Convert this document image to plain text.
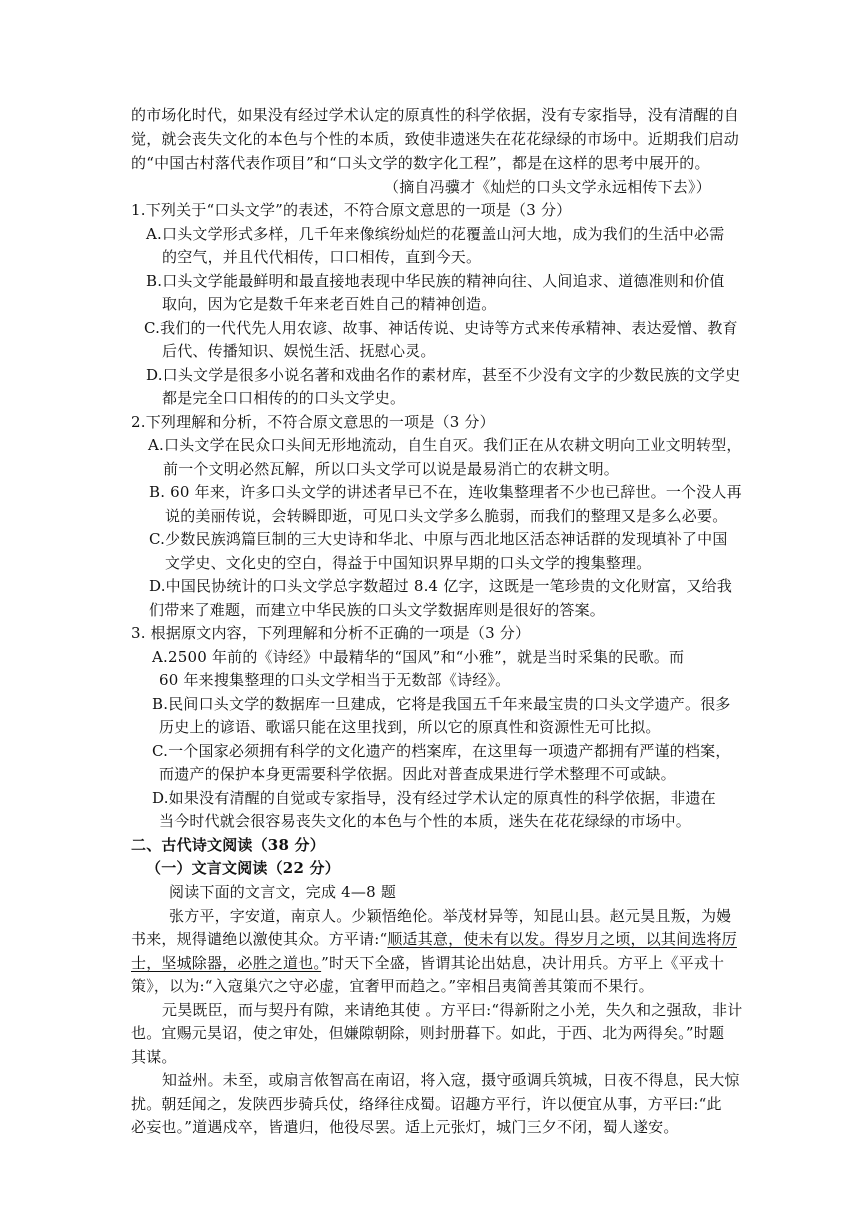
的市场化时代，如果没有经过学术认定的原真性的科学依据，没有专家指导，没有清醒的自

觉，就会丧失文化的本色与个性的本质，致使非遗迷失在花花绿绿的市场中。近期我们启动

的“中国古村落代表作项目”和“口头文学的数字化工程”，都是在这样的思考中展开的。

（摘自冯骥才《灿烂的口头文学永远相传下去》）

1.下列关于“口头文学”的表述，不符合原文意思的一项是（3 分）

A.口头文学形式多样，几千年来像缤纷灿烂的花覆盖山河大地，成为我们的生活中必需

的空气，并且代代相传，口口相传，直到今天。

B.口头文学能最鲜明和最直接地表现中华民族的精神向往、人间追求、道德准则和价值

取向，因为它是数千年来老百姓自己的精神创造。

C.我们的一代代先人用农谚、故事、神话传说、史诗等方式来传承精神、表达爱憎、教育

后代、传播知识、娱悦生活、抚慰心灵。

D.口头文学是很多小说名著和戏曲名作的素材库，甚至不少没有文字的少数民族的文学史

都是完全口口相传的的口头文学史。

2.下列理解和分析，不符合原文意思的一项是（3 分）

A.口头文学在民众口头间无形地流动，自生自灭。我们正在从农耕文明向工业文明转型，

前一个文明必然瓦解，所以口头文学可以说是最易消亡的农耕文明。

B. 60 年来，许多口头文学的讲述者早已不在，连收集整理者不少也已辞世。一个没人再

说的美丽传说，会转瞬即逝，可见口头文学多么脆弱，而我们的整理又是多么必要。

C.少数民族鸿篇巨制的三大史诗和华北、中原与西北地区活态神话群的发现填补了中国

文学史、文化史的空白，得益于中国知识界早期的口头文学的搜集整理。

D.中国民协统计的口头文学总字数超过 8.4 亿字，这既是一笔珍贵的文化财富，又给我

们带来了难题，而建立中华民族的口头文学数据库则是很好的答案。

3. 根据原文内容，下列理解和分析不正确的一项是（3 分）

A.2500 年前的《诗经》中最精华的“国风”和“小雅”，就是当时采集的民歌。而

60 年来搜集整理的口头文学相当于无数部《诗经》。

B.民间口头文学的数据库一旦建成，它将是我国五千年来最宝贵的口头文学遗产。很多

历史上的谚语、歌谣只能在这里找到，所以它的原真性和资源性无可比拟。

C.一个国家必须拥有科学的文化遗产的档案库，在这里每一项遗产都拥有严谨的档案，

而遗产的保护本身更需要科学依据。因此对普查成果进行学术整理不可或缺。

D.如果没有清醒的自觉或专家指导，没有经过学术认定的原真性的科学依据，非遗在

当今时代就会很容易丧失文化的本色与个性的本质，迷失在花花绿绿的市场中。

二、古代诗文阅读（38 分）

（一）文言文阅读（22 分）

阅读下面的文言文，完成 4—8 题

张方平，字安道，南京人。少颖悟绝伦。举茂材异等，知昆山县。赵元昊且叛，为嫚

书来，规得谴绝以激使其众。方平请:“顺适其意，使未有以发。得岁月之顷，以其间选将厉

士，坚城除器，必胜之道也。”时天下全盛，皆谓其论出姑息，决计用兵。方平上《平戎十

策》，以为:“入寇巢穴之守必虚，宜奢甲而趋之。”宰相吕夷简善其策而不果行。

元昊既臣，而与契丹有隙，来请绝其使 。方平曰:“得新附之小羌，失久和之强敌，非计

也。宜赐元昊诏，使之审处，但嫌隙朝除，则封册暮下。如此，于西、北为两得矣。”时题

其谋。

知益州。未至，或扇言侬智高在南诏，将入寇，摄守亟调兵筑城，日夜不得息，民大惊

扰。朝廷闻之，发陕西步骑兵仗，络绎往戍蜀。诏趣方平行，许以便宜从事，方平曰:“此

必妄也。”道遇戍卒，皆遣归，他役尽罢。适上元张灯，城门三夕不闭，蜀人遂安。
